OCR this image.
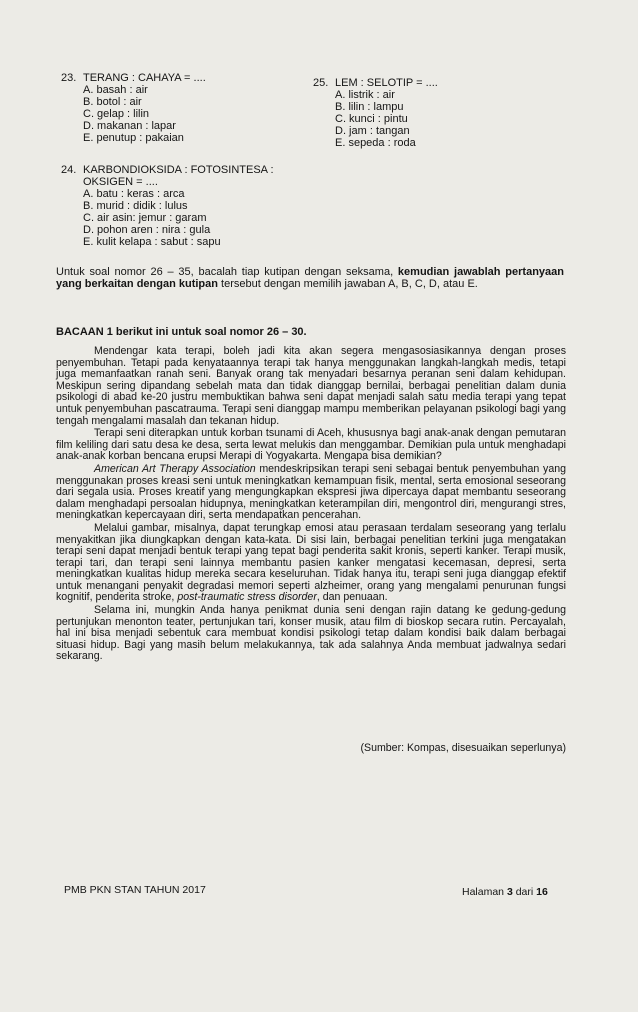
23. TERANG : CAHAYA = ....
A. basah : air
B. botol : air
C. gelap : lilin
D. makanan : lapar
E. penutup : pakaian
25. LEM : SELOTIP = ....
A. listrik : air
B. lilin : lampu
C. kunci : pintu
D. jam : tangan
E. sepeda : roda
24. KARBONDIOKSIDA : FOTOSINTESA : OKSIGEN = ....
A. batu : keras : arca
B. murid : didik : lulus
C. air asin: jemur : garam
D. pohon aren : nira : gula
E. kulit kelapa : sabut : sapu
Untuk soal nomor 26 – 35, bacalah tiap kutipan dengan seksama, kemudian jawablah pertanyaan yang berkaitan dengan kutipan tersebut dengan memilih jawaban A, B, C, D, atau E.
BACAAN 1 berikut ini untuk soal nomor 26 – 30.

Mendengar kata terapi, boleh jadi kita akan segera mengasosiasikannya dengan proses penyembuhan. Tetapi pada kenyataannya terapi tak hanya menggunakan langkah-langkah medis, tetapi juga memanfaatkan ranah seni. Banyak orang tak menyadari besarnya peranan seni dalam kehidupan. Meskipun sering dipandang sebelah mata dan tidak dianggap bernilai, berbagai penelitian dalam dunia psikologi di abad ke-20 justru membuktikan bahwa seni dapat menjadi salah satu media terapi yang tepat untuk penyembuhan pascatrauma. Terapi seni dianggap mampu memberikan pelayanan psikologi bagi yang tengah mengalami masalah dan tekanan hidup.

Terapi seni diterapkan untuk korban tsunami di Aceh, khususnya bagi anak-anak dengan pemutaran film keliling dari satu desa ke desa, serta lewat melukis dan menggambar. Demikian pula untuk menghadapi anak-anak korban bencana erupsi Merapi di Yogyakarta. Mengapa bisa demikian?

American Art Therapy Association mendeskripsikan terapi seni sebagai bentuk penyembuhan yang menggunakan proses kreasi seni untuk meningkatkan kemampuan fisik, mental, serta emosional seseorang dari segala usia. Proses kreatif yang mengungkapkan ekspresi jiwa dipercaya dapat membantu seseorang dalam menghadapi persoalan hidupnya, meningkatkan keterampilan diri, mengontrol diri, mengurangi stres, meningkatkan kepercayaan diri, serta mendapatkan pencerahan.

Melalui gambar, misalnya, dapat terungkap emosi atau perasaan terdalam seseorang yang terlalu menyakitkan jika diungkapkan dengan kata-kata. Di sisi lain, berbagai penelitian terkini juga mengatakan terapi seni dapat menjadi bentuk terapi yang tepat bagi penderita sakit kronis, seperti kanker. Terapi musik, terapi tari, dan terapi seni lainnya membantu pasien kanker mengatasi kecemasan, depresi, serta meningkatkan kualitas hidup mereka secara keseluruhan. Tidak hanya itu, terapi seni juga dianggap efektif untuk menangani penyakit degradasi memori seperti alzheimer, orang yang mengalami penurunan fungsi kognitif, penderita stroke, post-traumatic stress disorder, dan penuaan.

Selama ini, mungkin Anda hanya penikmat dunia seni dengan rajin datang ke gedung-gedung pertunjukan menonton teater, pertunjukan tari, konser musik, atau film di bioskop secara rutin. Percayalah, hal ini bisa menjadi sebentuk cara membuat kondisi psikologi tetap dalam kondisi baik dalam berbagai situasi hidup. Bagi yang masih belum melakukannya, tak ada salahnya Anda membuat jadwalnya sedari sekarang.

(Sumber: Kompas, disesuaikan seperlunya)
PMB PKN STAN TAHUN 2017	Halaman 3 dari 16
